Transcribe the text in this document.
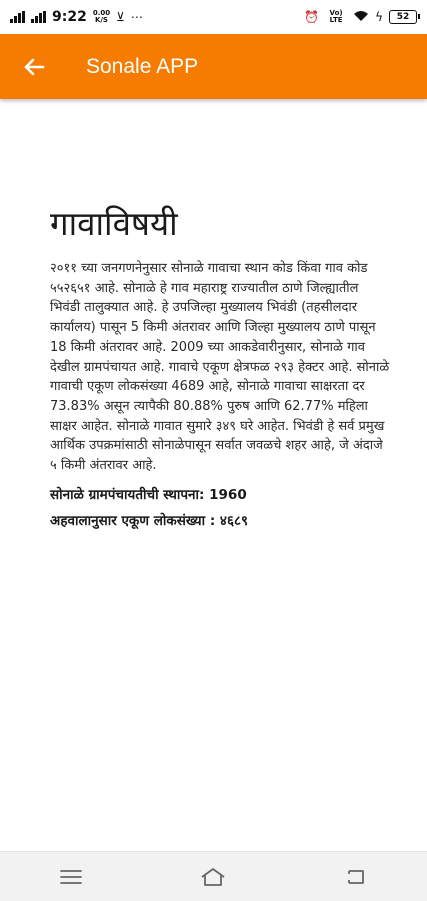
9:22 0.00
K/S ⊻ ⋯	⏰	Vo) LTE	ϟ 52
Sonale APP
गावाविषयी

२०११ च्या जनगणनेनुसार सोनाळे गावाचा स्थान कोड किंवा गाव कोड ५५२६५१ आहे. सोनाळे हे गाव महाराष्ट्र राज्यातील ठाणे जिल्ह्यातील भिवंडी तालुक्यात आहे. हे उपजिल्हा मुख्यालय भिवंडी (तहसीलदार कार्यालय) पासून 5 किमी अंतरावर आणि जिल्हा मुख्यालय ठाणे पासून 18 किमी अंतरावर आहे. 2009 च्या आकडेवारीनुसार, सोनाळे गाव देखील ग्रामपंचायत आहे. गावाचे एकूण क्षेत्रफळ २९३ हेक्टर आहे. सोनाळे गावाची एकूण लोकसंख्या 4689 आहे, सोनाळे गावाचा साक्षरता दर 73.83% असून त्यापैकी 80.88% पुरुष आणि 62.77% महिला साक्षर आहेत. सोनाळे गावात सुमारे ३४९ घरे आहेत. भिवंडी हे सर्व प्रमुख आर्थिक उपक्रमांसाठी सोनाळेपासून सर्वात जवळचे शहर आहे, जे अंदाजे ५ किमी अंतरावर आहे.

सोनाळे ग्रामपंचायतीची स्थापना: 1960
अहवालानुसार एकूण लोकसंख्या : ४६८९
